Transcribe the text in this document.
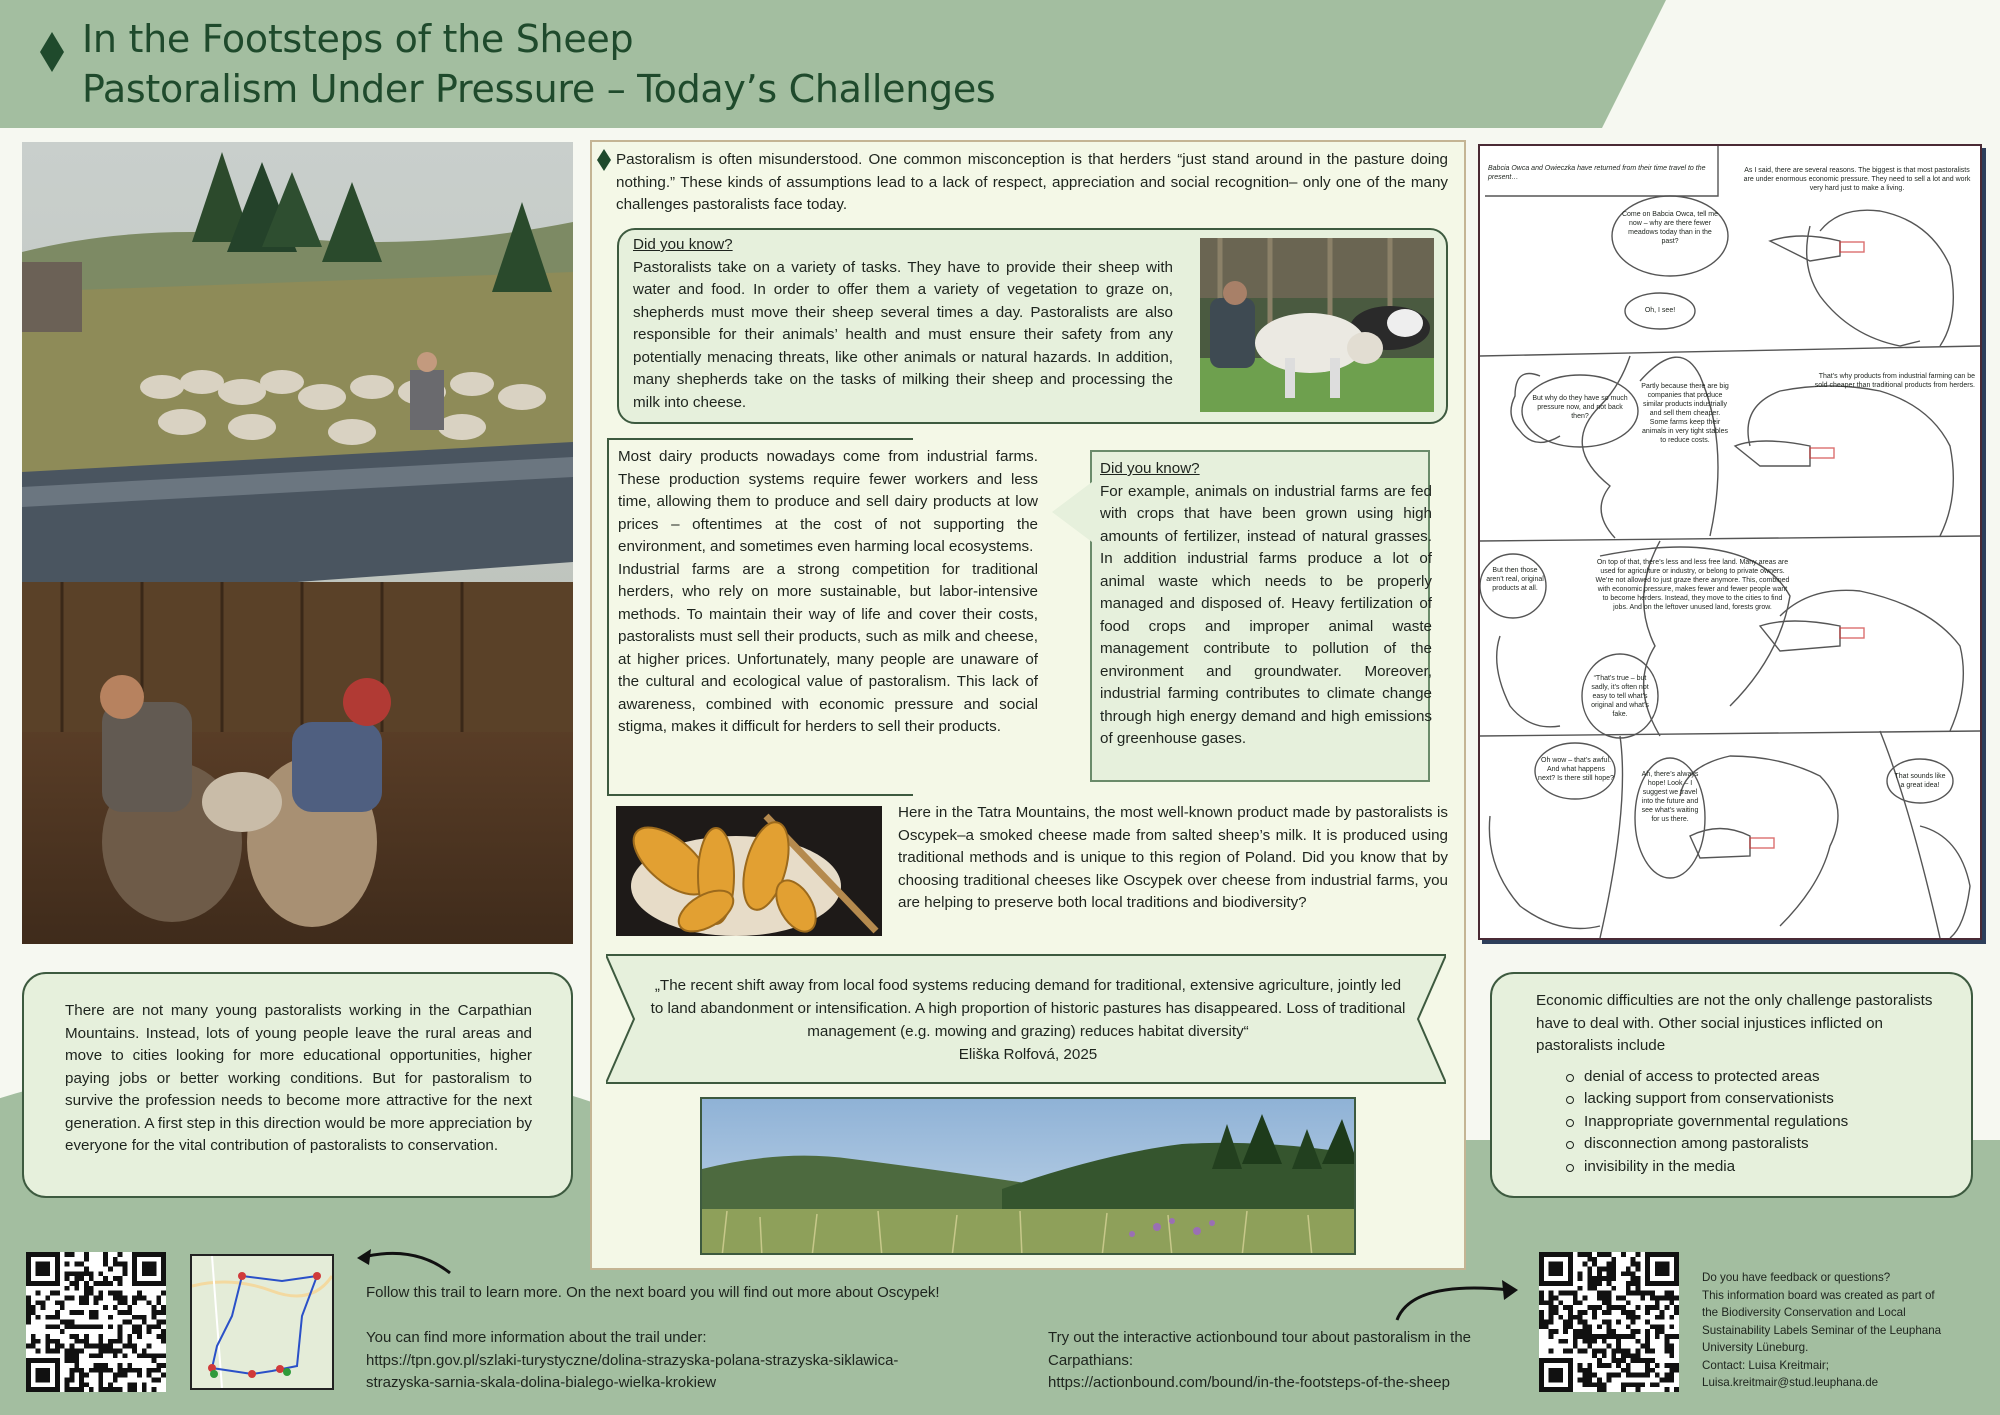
In the Footsteps of the Sheep
Pastoralism Under Pressure – Today’s Challenges
There are not many young pastoralists working in the Carpathian Mountains. Instead, lots of young people leave the rural areas and move to cities looking for more educational opportunities, higher paying jobs or better working conditions. But for pastoralism to survive the profession needs to become more attractive for the next generation. A first step in this direction would be more appreciation by everyone for the vital contribution of pastoralists to conservation.
Pastoralism is often misunderstood. One common misconception is that herders “just stand around in the pasture doing nothing.” These kinds of assumptions lead to a lack of respect, appreciation and social recognition– only one of the many challenges pastoralists face today.
Did you know?
Pastoralists take on a variety of tasks. They have to provide their sheep with water and food. In order to offer them a variety of vegetation to graze on, shepherds must move their sheep several times a day. Pastoralists are also responsible for their animals’ health and must ensure their safety from any potentially menacing threats, like other animals or natural hazards. In addition, many shepherds take on the tasks of milking their sheep and processing the milk into cheese.
Most dairy products nowadays come from industrial farms. These production systems require fewer workers and less time, allowing them to produce and sell dairy products at low prices – oftentimes at the cost of not supporting the environment, and sometimes even harming local ecosystems.
Industrial farms are a strong competition for traditional herders, who rely on more sustainable, but labor-intensive methods. To maintain their way of life and cover their costs, pastoralists must sell their products, such as milk and cheese, at higher prices. Unfortunately, many people are unaware of the cultural and ecological value of pastoralism. This lack of awareness, combined with economic pressure and social stigma, makes it difficult for herders to sell their products.
Did you know?
For example, animals on industrial farms are fed with crops that have been grown using high amounts of fertilizer, instead of natural grasses. In addition industrial farms produce a lot of animal waste which needs to be properly managed and disposed of. Heavy fertilization of food crops and improper animal waste management contribute to pollution of the environment and groundwater. Moreover, industrial farming contributes to climate change through high energy demand and high emissions of greenhouse gases.
Here in the Tatra Mountains, the most well-known product made by pastoralists is Oscypek–a smoked cheese made from salted sheep’s milk. It is produced using traditional methods and is unique to this region of Poland. Did you know that by choosing traditional cheeses like Oscypek over cheese from industrial farms, you are helping to preserve both local traditions and biodiversity?
„The recent shift away from local food systems reducing demand for traditional, extensive agriculture, jointly led to land abandonment or intensification. A high proportion of historic pastures has disappeared. Loss of traditional management (e.g. mowing and grazing) reduces habitat diversity“
Eliška Rolfová, 2025
Babcia Owca and Owieczka have returned from their time travel to the present…
As I said, there are several reasons. The biggest is that most pastoralists are under enormous economic pressure. They need to sell a lot and work very hard just to make a living.
Come on Babcia Owca, tell me now – why are there fewer meadows today than in the past?
Oh, I see!
But why do they have so much pressure now, and not back then?
Partly because there are big companies that produce similar products industrially and sell them cheaper. Some farms keep their animals in very tight stables to reduce costs.
That’s why products from industrial farming can be sold cheaper than traditional products from herders.
But then those aren’t real, original products at all.
On top of that, there’s less and less free land. Many areas are used for agriculture or industry, or belong to private owners. We’re not allowed to just graze there anymore. This, combined with economic pressure, makes fewer and fewer people want to become herders. Instead, they move to the cities to find jobs. And on the leftover unused land, forests grow.
“That’s true – but sadly, it’s often not easy to tell what’s original and what’s fake.
Oh wow – that’s awful. And what happens next? Is there still hope?
Ah, there’s always hope! Look – I suggest we travel into the future and see what’s waiting for us there.
That sounds like a great idea!
Economic difficulties are not the only challenge pastoralists have to deal with. Other social injustices inflicted on pastoralists include
denial of access to protected areas
lacking support from conservationists
Inappropriate governmental regulations
disconnection among pastoralists
invisibility in the media
Follow this trail to learn more. On the next board you will find out more about Oscypek!
You can find more information about the trail under:
https://tpn.gov.pl/szlaki-turystyczne/dolina-strazyska-polana-strazyska-siklawica-
strazyska-sarnia-skala-dolina-bialego-wielka-krokiew
Try out the interactive actionbound tour about pastoralism in the
Carpathians:
https://actionbound.com/bound/in-the-footsteps-of-the-sheep
Do you have feedback or questions?
This information board was created as part of
the Biodiversity Conservation and Local
Sustainability Labels Seminar of the Leuphana
University Lüneburg.
Contact: Luisa Kreitmair;
Luisa.kreitmair@stud.leuphana.de
